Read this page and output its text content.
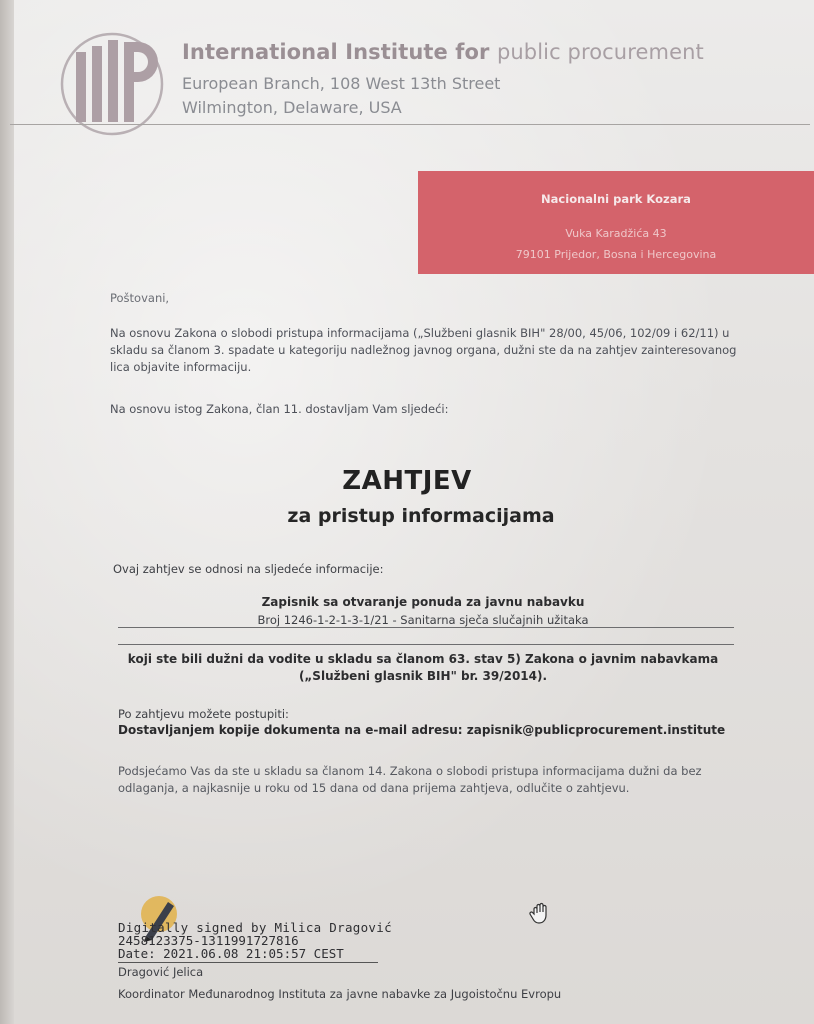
International Institute for public procurement
European Branch, 108 West 13th Street
Wilmington, Delaware, USA
Nacionalni park Kozara
Vuka Karadžića 43
79101 Prijedor, Bosna i Hercegovina
Poštovani,
Na osnovu Zakona o slobodi pristupa informacijama („Službeni glasnik BIH" 28/00, 45/06, 102/09 i 62/11) u skladu sa članom 3. spadate u kategoriju nadležnog javnog organa, dužni ste da na zahtjev zainteresovanog lica objavite informaciju.
Na osnovu istog Zakona, član 11. dostavljam Vam sljedeći:
ZAHTJEV
za pristup informacijama
Ovaj zahtjev se odnosi na sljedeće informacije:
Zapisnik sa otvaranje ponuda za javnu nabavku
Broj 1246-1-2-1-3-1/21 - Sanitarna sječa slučajnih užitaka
koji ste bili dužni da vodite u skladu sa članom 63. stav 5) Zakona o javnim nabavkama
(„Službeni glasnik BIH" br. 39/2014).
Po zahtjevu možete postupiti:
Dostavljanjem kopije dokumenta na e-mail adresu: zapisnik@publicprocurement.institute
Podsjećamo Vas da ste u skladu sa članom 14. Zakona o slobodi pristupa informacijama dužni da bez odlaganja, a najkasnije u roku od 15 dana od dana prijema zahtjeva, odlučite o zahtjevu.
Digitally signed by Milica Dragović
2458123375-1311991727816
Date: 2021.06.08 21:05:57 CEST
Dragović Jelica
Koordinator Međunarodnog Instituta za javne nabavke za Jugoistočnu Evropu
